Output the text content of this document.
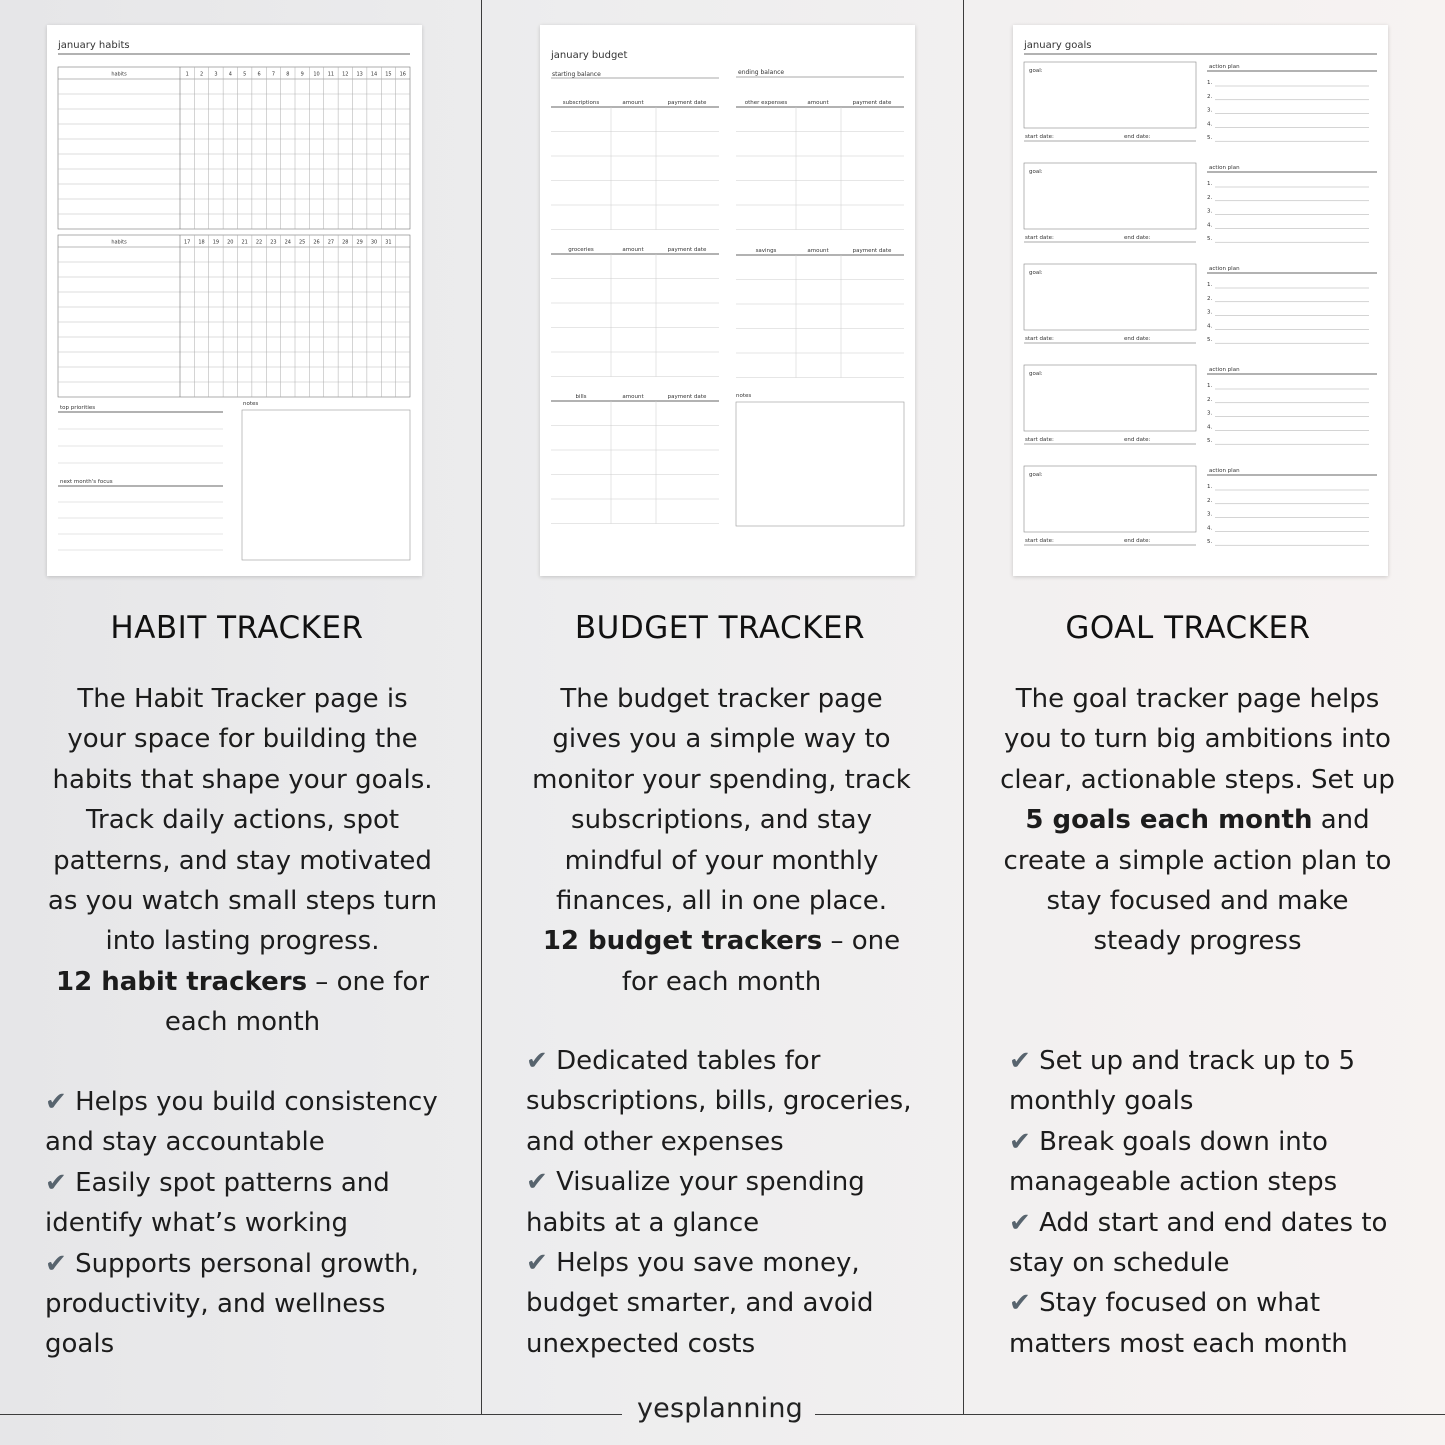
yesplanning
january habits
habits	1 2 3 4 5 6 7 8 9 10 11 12 13 14 15 16
habits	17 18 19 20 21 22 23 24 25 26 27 28 29 30 31
top priorities
notes
next month's focus
january budget
starting balance	ending balance
subscriptions	amount	payment date	other expenses	amount	payment date
groceries	amount	payment date	savings	amount	payment date
bills	amount	payment date	notes
january goals
goal:
start date:	end date:
action plan
1.
2.
3.
4.
5.
goal:
start date:	end date:
action plan
1.
2.
3.
4.
5.
goal:
start date:	end date:
action plan
1.
2.
3.
4.
5.
goal:
start date:	end date:
action plan
1.
2.
3.
4.
5.
goal:
start date:	end date:
action plan
1.
2.
3.
4.
5.
HABIT TRACKER	BUDGET TRACKER	GOAL TRACKER

The Habit Tracker page is your space for building the habits that shape your goals. Track daily actions, spot patterns, and stay motivated as you watch small steps turn into lasting progress.

12 habit trackers – one for each month

The budget tracker page gives you a simple way to monitor your spending, track subscriptions, and stay mindful of your monthly finances, all in one place.

12 budget trackers – one for each month

The goal tracker page helps you to turn big ambitions into clear, actionable steps. Set up 5 goals each month and create a simple action plan to stay focused and make steady progress

✔ Helps you build consistency and stay accountable

✔ Easily spot patterns and identify what’s working

✔ Supports personal growth, productivity, and wellness goals

✔ Dedicated tables for subscriptions, bills, groceries, and other expenses

✔ Visualize your spending habits at a glance

✔ Helps you save money, budget smarter, and avoid unexpected costs

✔ Set up and track up to 5 monthly goals

✔ Break goals down into manageable action steps

✔ Add start and end dates to stay on schedule

✔ Stay focused on what matters most each month
